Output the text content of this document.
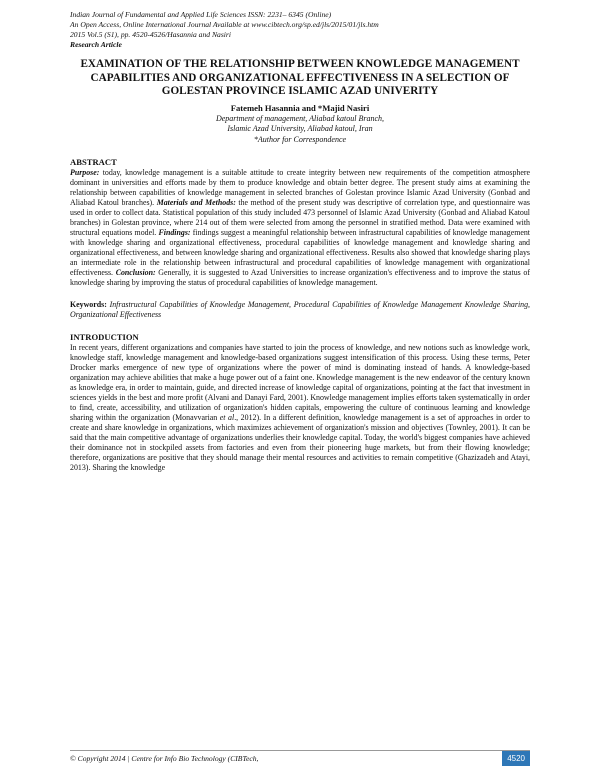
Indian Journal of Fundamental and Applied Life Sciences ISSN: 2231– 6345 (Online)
An Open Access, Online International Journal Available at www.cibtech.org/sp.ed/jls/2015/01/jls.htm
2015 Vol.5 (S1), pp. 4520-4526/Hasannia and Nasiri
Research Article
EXAMINATION OF THE RELATIONSHIP BETWEEN KNOWLEDGE MANAGEMENT CAPABILITIES AND ORGANIZATIONAL EFFECTIVENESS IN A SELECTION OF GOLESTAN PROVINCE ISLAMIC AZAD UNIVERITY
Fatemeh Hasannia and *Majid Nasiri
Department of management, Aliabad katoul Branch,
Islamic Azad University, Aliabad katoul, Iran
*Author for Correspondence
ABSTRACT

Purpose: today, knowledge management is a suitable attitude to create integrity between new requirements of the competition atmosphere dominant in universities and efforts made by them to produce knowledge and obtain better degree. The present study aims at examining the relationship between capabilities of knowledge management in selected branches of Golestan province Islamic Azad University (Gonbad and Aliabad Katoul branches). Materials and Methods: the method of the present study was descriptive of correlation type, and questionnaire was used in order to collect data. Statistical population of this study included 473 personnel of Islamic Azad University (Gonbad and Aliabad Katoul branches) in Golestan province, where 214 out of them were selected from among the personnel in stratified method. Data were examined with structural equations model. Findings: findings suggest a meaningful relationship between infrastructural capabilities of knowledge management with knowledge sharing and organizational effectiveness, procedural capabilities of knowledge management and knowledge sharing and organizational effectiveness, and between knowledge sharing and organizational effectiveness. Results also showed that knowledge sharing plays an intermediate role in the relationship between infrastructural and procedural capabilities of knowledge management with organizational effectiveness. Conclusion: Generally, it is suggested to Azad Universities to increase organization's effectiveness and to improve the status of knowledge sharing by improving the status of procedural capabilities of knowledge management.

Keywords: Infrastructural Capabilities of Knowledge Management, Procedural Capabilities of Knowledge Management Knowledge Sharing, Organizational Effectiveness
INTRODUCTION

In recent years, different organizations and companies have started to join the process of knowledge, and new notions such as knowledge work, knowledge staff, knowledge management and knowledge-based organizations suggest intensification of this process. Using these terms, Peter Drocker marks emergence of new type of organizations where the power of mind is dominating instead of hands. A knowledge-based organization may achieve abilities that make a huge power out of a faint one. Knowledge management is the new endeavor of the century known as knowledge era, in order to maintain, guide, and directed increase of knowledge capital of organizations, pointing at the fact that investment in sciences yields in the best and more profit (Alvani and Danayi Fard, 2001). Knowledge management implies efforts taken systematically in order to find, create, accessibility, and utilization of organization's hidden capitals, empowering the culture of continuous learning and knowledge sharing within the organization (Monavvarian et al., 2012). In a different definition, knowledge management is a set of approaches in order to create and share knowledge in organizations, which maximizes achievement of organization's mission and objectives (Townley, 2001). It can be said that the main competitive advantage of organizations underlies their knowledge capital. Today, the world's biggest companies have achieved their dominance not in stockpiled assets from factories and even from their pioneering huge markets, but from their flowing knowledge; therefore, organizations are positive that they should manage their mental resources and activities to remain competitive (Ghazizadeh and Atayi, 2013). Sharing the knowledge

© Copyright 2014 | Centre for Info Bio Technology (CIBTech,	4520
